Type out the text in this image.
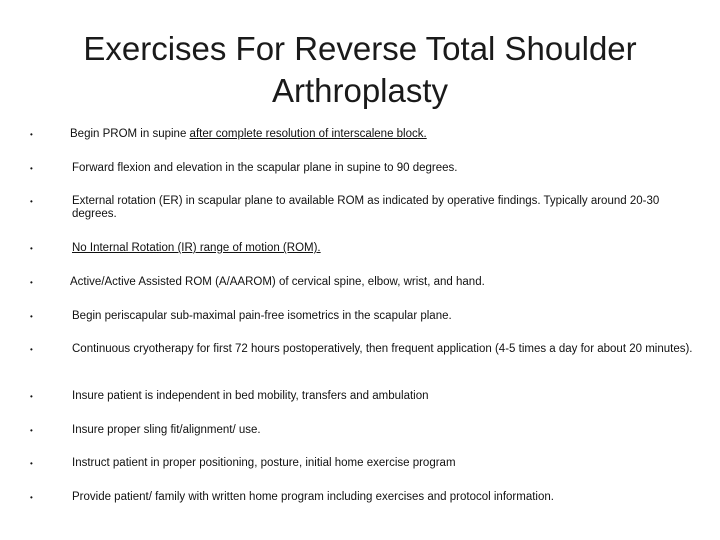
Exercises For Reverse Total Shoulder
Arthroplasty
•	Begin PROM in supine after complete resolution of interscalene block.
•	Forward flexion and elevation in the scapular plane in supine to 90 degrees.
•	External rotation (ER) in scapular plane to available ROM as indicated by operative findings. Typically around 20-30 degrees.
•	No Internal Rotation (IR) range of motion (ROM).
•	Active/Active Assisted ROM (A/AAROM) of cervical spine, elbow, wrist, and hand.
•	Begin periscapular sub-maximal pain-free isometrics in the scapular plane.
•	Continuous cryotherapy for first 72 hours postoperatively, then frequent application (4-5 times a day for about 20 minutes).
•	Insure patient is independent in bed mobility, transfers and ambulation
•	Insure proper sling fit/alignment/ use.
•	Instruct patient in proper positioning, posture, initial home exercise program
•	Provide patient/ family with written home program including exercises and protocol information.
